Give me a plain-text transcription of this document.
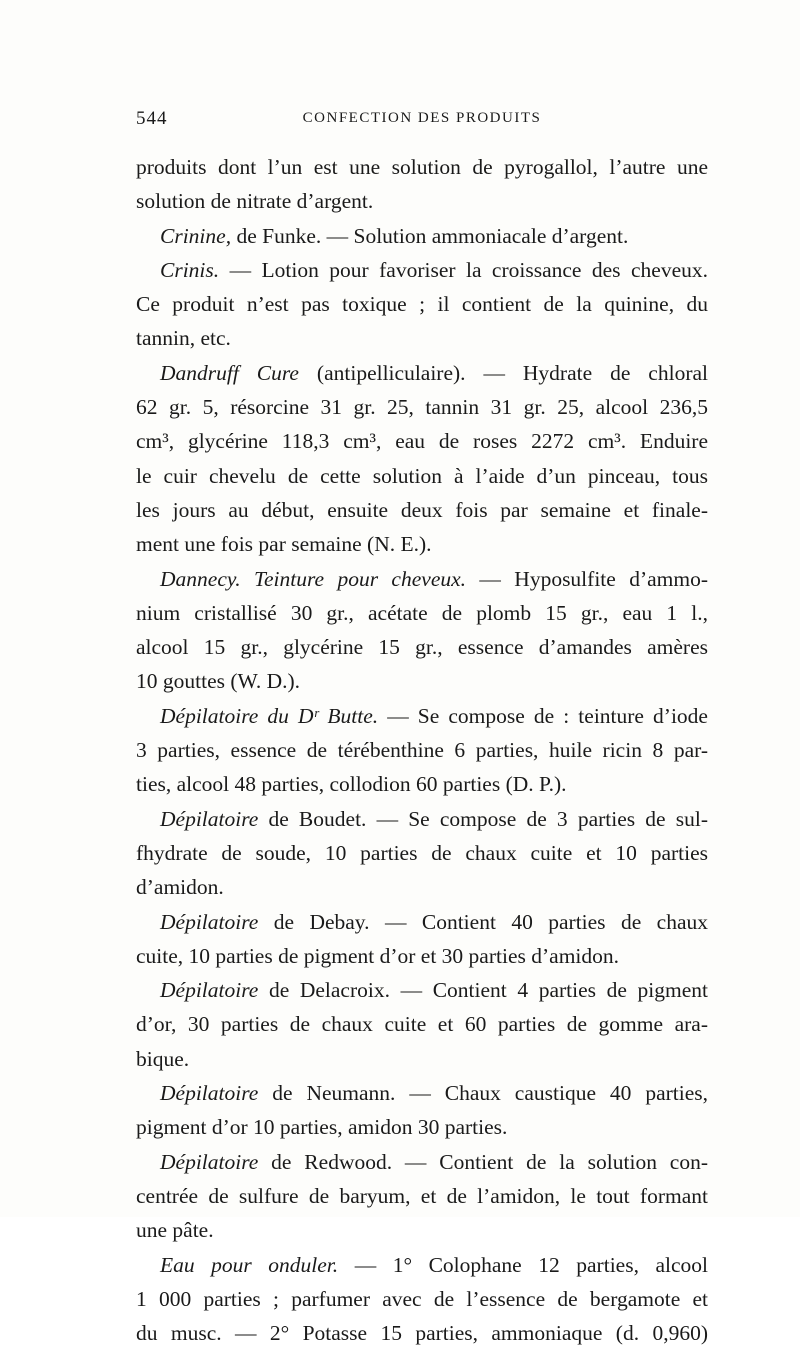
544	CONFECTION DES PRODUITS
produits dont l’un est une solution de pyrogallol, l’autre une
solution de nitrate d’argent.
Crinine, de Funke. — Solution ammoniacale d’argent.
Crinis. — Lotion pour favoriser la croissance des cheveux.
Ce produit n’est pas toxique ; il contient de la quinine, du
tannin, etc.
Dandruff Cure (antipelliculaire). — Hydrate de chloral
62 gr. 5, résorcine 31 gr. 25, tannin 31 gr. 25, alcool 236,5
cm³, glycérine 118,3 cm³, eau de roses 2272 cm³. Enduire
le cuir chevelu de cette solution à l’aide d’un pinceau, tous
les jours au début, ensuite deux fois par semaine et finale-
ment une fois par semaine (N. E.).
Dannecy. Teinture pour cheveux. — Hyposulfite d’ammo-
nium cristallisé 30 gr., acétate de plomb 15 gr., eau 1 l.,
alcool 15 gr., glycérine 15 gr., essence d’amandes amères
10 gouttes (W. D.).
Dépilatoire du Dʳ Butte. — Se compose de : teinture d’iode
3 parties, essence de térébenthine 6 parties, huile ricin 8 par-
ties, alcool 48 parties, collodion 60 parties (D. P.).
Dépilatoire de Boudet. — Se compose de 3 parties de sul-
fhydrate de soude, 10 parties de chaux cuite et 10 parties
d’amidon.
Dépilatoire de Debay. — Contient 40 parties de chaux
cuite, 10 parties de pigment d’or et 30 parties d’amidon.
Dépilatoire de Delacroix. — Contient 4 parties de pigment
d’or, 30 parties de chaux cuite et 60 parties de gomme ara-
bique.
Dépilatoire de Neumann. — Chaux caustique 40 parties,
pigment d’or 10 parties, amidon 30 parties.
Dépilatoire de Redwood. — Contient de la solution con-
centrée de sulfure de baryum, et de l’amidon, le tout formant
une pâte.
Eau pour onduler. — 1° Colophane 12 parties, alcool
1 000 parties ; parfumer avec de l’essence de bergamote et
du musc. — 2° Potasse 15 parties, ammoniaque (d. 0,960)
